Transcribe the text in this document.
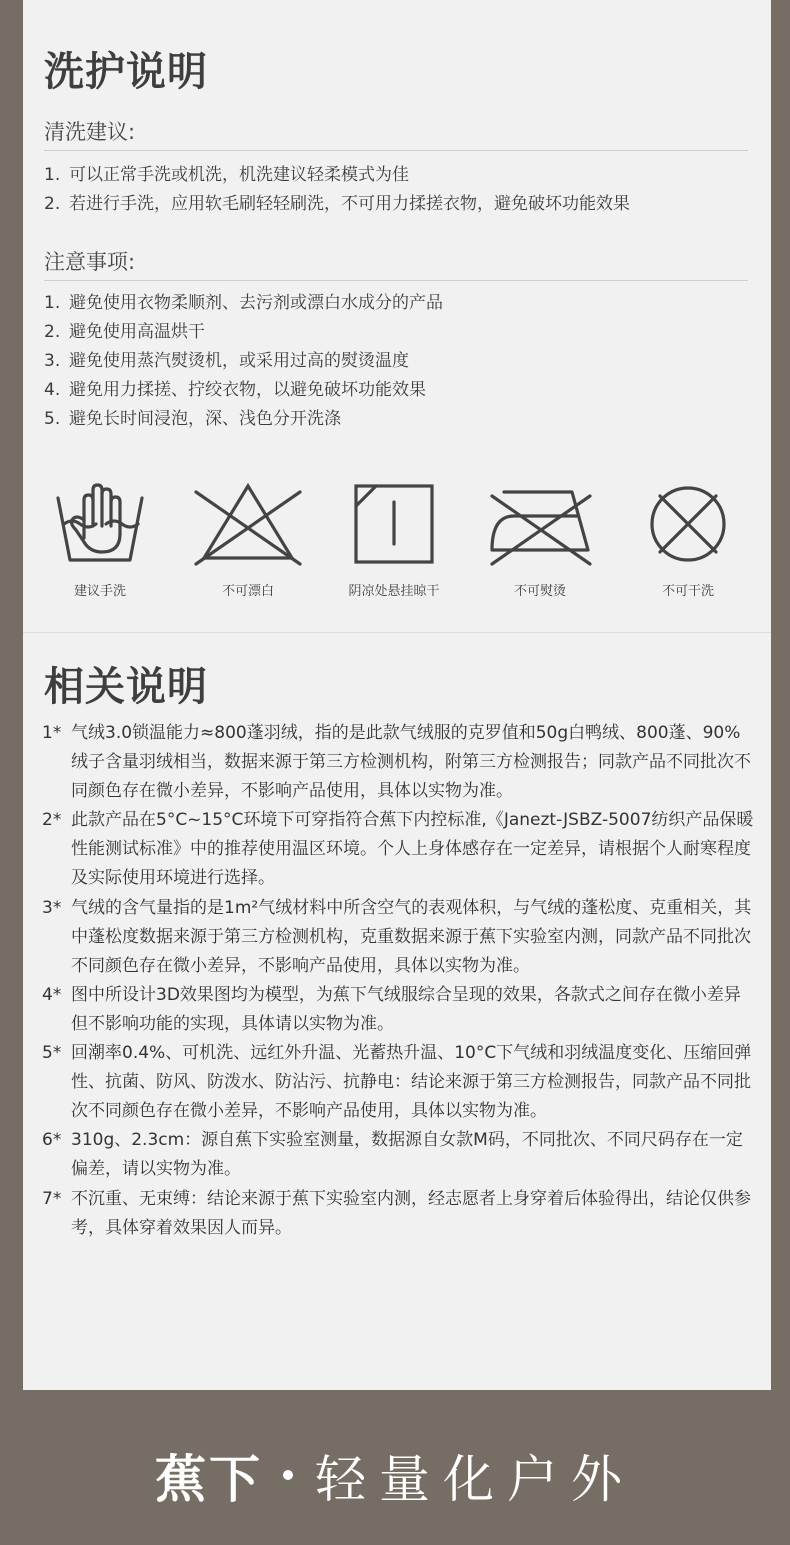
洗护说明
清洗建议:
1. 可以正常手洗或机洗，机洗建议轻柔模式为佳
2. 若进行手洗，应用软毛刷轻轻刷洗，不可用力揉搓衣物，避免破坏功能效果
注意事项:
1. 避免使用衣物柔顺剂、去污剂或漂白水成分的产品
2. 避免使用高温烘干
3. 避免使用蒸汽熨烫机，或采用过高的熨烫温度
4. 避免用力揉搓、拧绞衣物，以避免破坏功能效果
5. 避免长时间浸泡，深、浅色分开洗涤
建议手洗	不可漂白	阴凉处悬挂晾干	不可熨烫	不可干洗
相关说明
1* 气绒3.0锁温能力≈800蓬羽绒，指的是此款气绒服的克罗值和50g白鸭绒、800蓬、90%绒子含量羽绒相当，数据来源于第三方检测机构，附第三方检测报告；同款产品不同批次不同颜色存在微小差异，不影响产品使用，具体以实物为准。
2* 此款产品在5°C~15°C环境下可穿指符合蕉下内控标准,《Janezt-JSBZ-5007纺织产品保暖性能测试标准》中的推荐使用温区环境。个人上身体感存在一定差异，请根据个人耐寒程度及实际使用环境进行选择。
3* 气绒的含气量指的是1m²气绒材料中所含空气的表观体积，与气绒的蓬松度、克重相关，其中蓬松度数据来源于第三方检测机构，克重数据来源于蕉下实验室内测，同款产品不同批次不同颜色存在微小差异，不影响产品使用，具体以实物为准。
4* 图中所设计3D效果图均为模型，为蕉下气绒服综合呈现的效果，各款式之间存在微小差异但不影响功能的实现，具体请以实物为准。
5* 回潮率0.4%、可机洗、远红外升温、光蓄热升温、10°C下气绒和羽绒温度变化、压缩回弹性、抗菌、防风、防泼水、防沾污、抗静电：结论来源于第三方检测报告，同款产品不同批次不同颜色存在微小差异，不影响产品使用，具体以实物为准。
6* 310g、2.3cm：源自蕉下实验室测量，数据源自女款M码，不同批次、不同尺码存在一定偏差，请以实物为准。
7* 不沉重、无束缚：结论来源于蕉下实验室内测，经志愿者上身穿着后体验得出，结论仅供参考，具体穿着效果因人而异。
蕉下 轻量化户外
